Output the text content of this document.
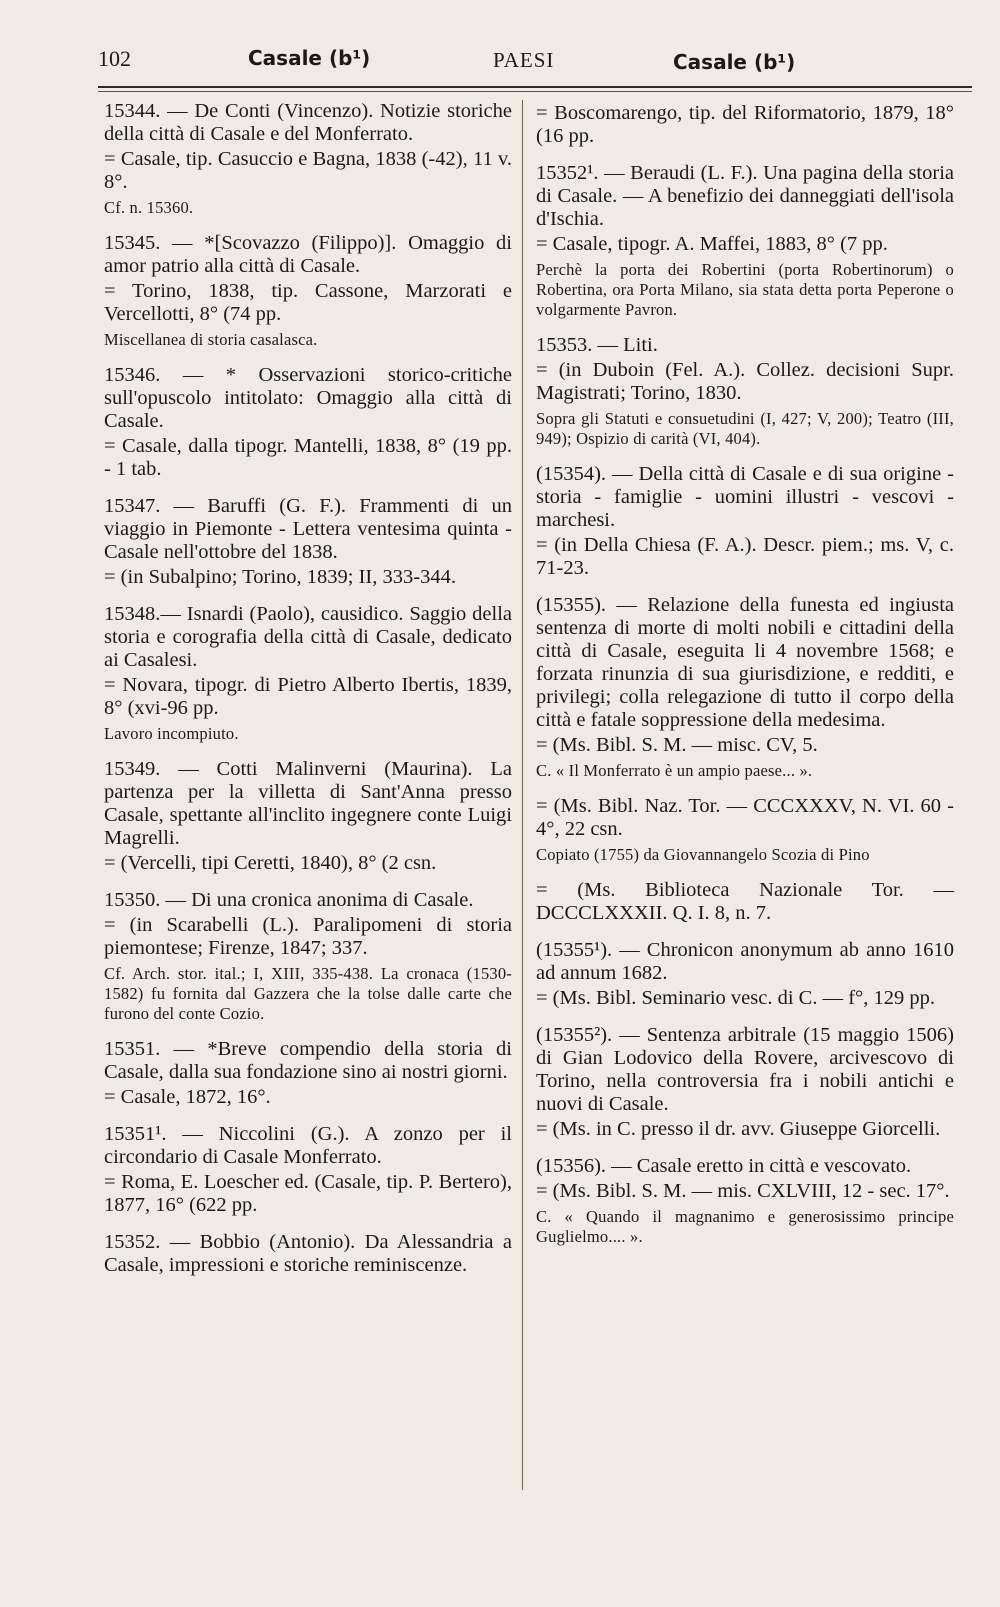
102	Casale (b¹)	PAESI	Casale (b¹)

15344. — De Conti (Vincenzo). Notizie storiche della città di Casale e del Monferrato.

= Casale, tip. Casuccio e Bagna, 1838 (-42), 11 v. 8°.

Cf. n. 15360.

15345. — *[Scovazzo (Filippo)]. Omaggio di amor patrio alla città di Casale.

= Torino, 1838, tip. Cassone, Marzorati e Vercellotti, 8° (74 pp.

Miscellanea di storia casalasca.

15346. — * Osservazioni storico-critiche sull'opuscolo intitolato: Omaggio alla città di Casale.

= Casale, dalla tipogr. Mantelli, 1838, 8° (19 pp. - 1 tab.

15347. — Baruffi (G. F.). Frammenti di un viaggio in Piemonte - Lettera ventesima quinta - Casale nell'ottobre del 1838.

= (in Subalpino; Torino, 1839; II, 333-344.

15348.— Isnardi (Paolo), causidico. Saggio della storia e corografia della città di Casale, dedicato ai Casalesi.

= Novara, tipogr. di Pietro Alberto Ibertis, 1839, 8° (xvi-96 pp.

Lavoro incompiuto.

15349. — Cotti Malinverni (Maurina). La partenza per la villetta di Sant'Anna presso Casale, spettante all'inclito ingegnere conte Luigi Magrelli.

= (Vercelli, tipi Ceretti, 1840), 8° (2 csn.

15350. — Di una cronica anonima di Casale.

= (in Scarabelli (L.). Paralipomeni di storia piemontese; Firenze, 1847; 337.

Cf. Arch. stor. ital.; I, XIII, 335-438. La cronaca (1530-1582) fu fornita dal Gazzera che la tolse dalle carte che furono del conte Cozio.

15351. — *Breve compendio della storia di Casale, dalla sua fondazione sino ai nostri giorni.

= Casale, 1872, 16°.

15351¹. — Niccolini (G.). A zonzo per il circondario di Casale Monferrato.

= Roma, E. Loescher ed. (Casale, tip. P. Bertero), 1877, 16° (622 pp.

15352. — Bobbio (Antonio). Da Alessandria a Casale, impressioni e storiche reminiscenze.

= Boscomarengo, tip. del Riformatorio, 1879, 18° (16 pp.

15352¹. — Beraudi (L. F.). Una pagina della storia di Casale. — A benefizio dei danneggiati dell'isola d'Ischia.

= Casale, tipogr. A. Maffei, 1883, 8° (7 pp.

Perchè la porta dei Robertini (porta Robertinorum) o Robertina, ora Porta Milano, sia stata detta porta Peperone o volgarmente Pavron.

15353. — Liti.

= (in Duboin (Fel. A.). Collez. decisioni Supr. Magistrati; Torino, 1830.

Sopra gli Statuti e consuetudini (I, 427; V, 200); Teatro (III, 949); Ospizio di carità (VI, 404).

(15354). — Della città di Casale e di sua origine - storia - famiglie - uomini illustri - vescovi - marchesi.

= (in Della Chiesa (F. A.). Descr. piem.; ms. V, c. 71-23.

(15355). — Relazione della funesta ed ingiusta sentenza di morte di molti nobili e cittadini della città di Casale, eseguita li 4 novembre 1568; e forzata rinunzia di sua giurisdizione, e redditi, e privilegi; colla relegazione di tutto il corpo della città e fatale soppressione della medesima.

= (Ms. Bibl. S. M. — misc. CV, 5.

C. « Il Monferrato è un ampio paese... ».

= (Ms. Bibl. Naz. Tor. — CCCXXXV, N. VI. 60 - 4°, 22 csn.

Copiato (1755) da Giovannangelo Scozia di Pino

= (Ms. Biblioteca Nazionale Tor. — DCCCLXXXII. Q. I. 8, n. 7.

(15355¹). — Chronicon anonymum ab anno 1610 ad annum 1682.

= (Ms. Bibl. Seminario vesc. di C. — f°, 129 pp.

(15355²). — Sentenza arbitrale (15 maggio 1506) di Gian Lodovico della Rovere, arcivescovo di Torino, nella controversia fra i nobili antichi e nuovi di Casale.

= (Ms. in C. presso il dr. avv. Giuseppe Giorcelli.

(15356). — Casale eretto in città e vescovato.

= (Ms. Bibl. S. M. — mis. CXLVIII, 12 - sec. 17°.

C. « Quando il magnanimo e generosissimo principe Guglielmo.... ».
